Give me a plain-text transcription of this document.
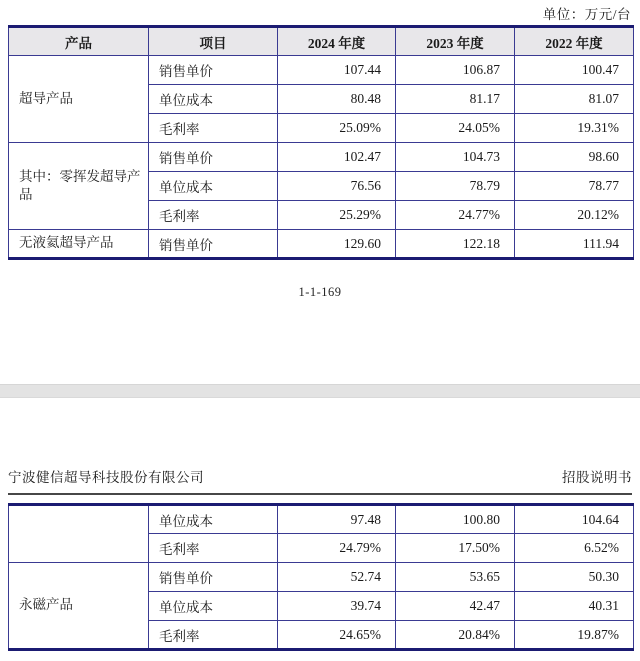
单位：万元/台
产品	项目	2024 年度	2023 年度	2022 年度
超导产品	销售单价	107.44	106.87	100.47
	单位成本	80.48	81.17	81.07
	毛利率	25.09%	24.05%	19.31%
其中：零挥发超导产品	销售单价	102.47	104.73	98.60
	单位成本	76.56	78.79	78.77
	毛利率	25.29%	24.77%	20.12%
无液氦超导产品	销售单价	129.60	122.18	111.94
1-1-169
宁波健信超导科技股份有限公司	招股说明书
	单位成本	97.48	100.80	104.64
	毛利率	24.79%	17.50%	6.52%
永磁产品	销售单价	52.74	53.65	50.30
	单位成本	39.74	42.47	40.31
	毛利率	24.65%	20.84%	19.87%
